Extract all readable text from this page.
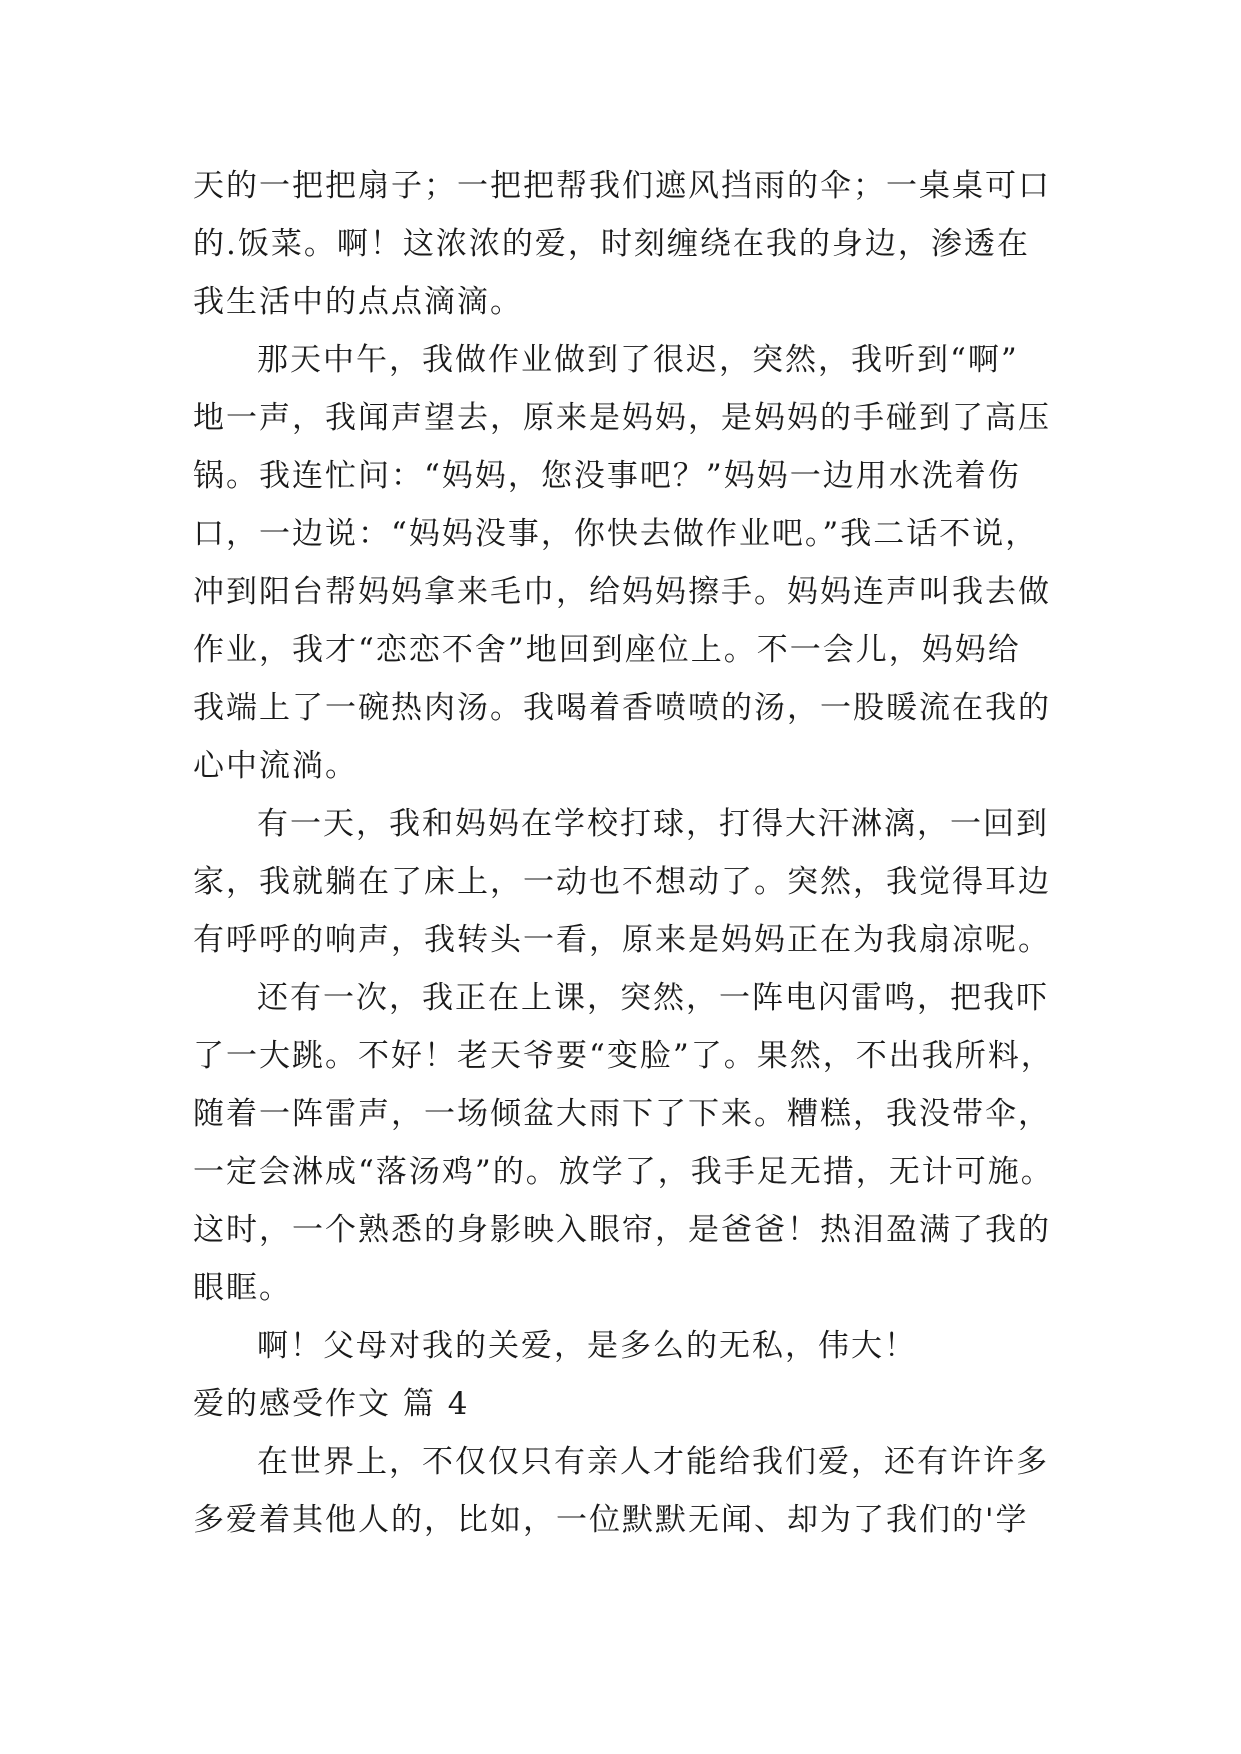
天的一把把扇子；一把把帮我们遮风挡雨的伞；一桌桌可口
的.饭菜。啊！这浓浓的爱，时刻缠绕在我的身边，渗透在
我生活中的点点滴滴。
那天中午，我做作业做到了很迟，突然，我听到“啊”
地一声，我闻声望去，原来是妈妈，是妈妈的手碰到了高压
锅。我连忙问：“妈妈，您没事吧？”妈妈一边用水洗着伤
口，一边说：“妈妈没事，你快去做作业吧。”我二话不说，
冲到阳台帮妈妈拿来毛巾，给妈妈擦手。妈妈连声叫我去做
作业，我才“恋恋不舍”地回到座位上。不一会儿，妈妈给
我端上了一碗热肉汤。我喝着香喷喷的汤，一股暖流在我的
心中流淌。
有一天，我和妈妈在学校打球，打得大汗淋漓，一回到
家，我就躺在了床上，一动也不想动了。突然，我觉得耳边
有呼呼的响声，我转头一看，原来是妈妈正在为我扇凉呢。
还有一次，我正在上课，突然，一阵电闪雷鸣，把我吓
了一大跳。不好！老天爷要“变脸”了。果然，不出我所料，
随着一阵雷声，一场倾盆大雨下了下来。糟糕，我没带伞，
一定会淋成“落汤鸡”的。放学了，我手足无措，无计可施。
这时，一个熟悉的身影映入眼帘，是爸爸！热泪盈满了我的
眼眶。
啊！父母对我的关爱，是多么的无私，伟大！
爱的感受作文 篇 4
在世界上，不仅仅只有亲人才能给我们爱，还有许许多
多爱着其他人的，比如，一位默默无闻、却为了我们的'学
